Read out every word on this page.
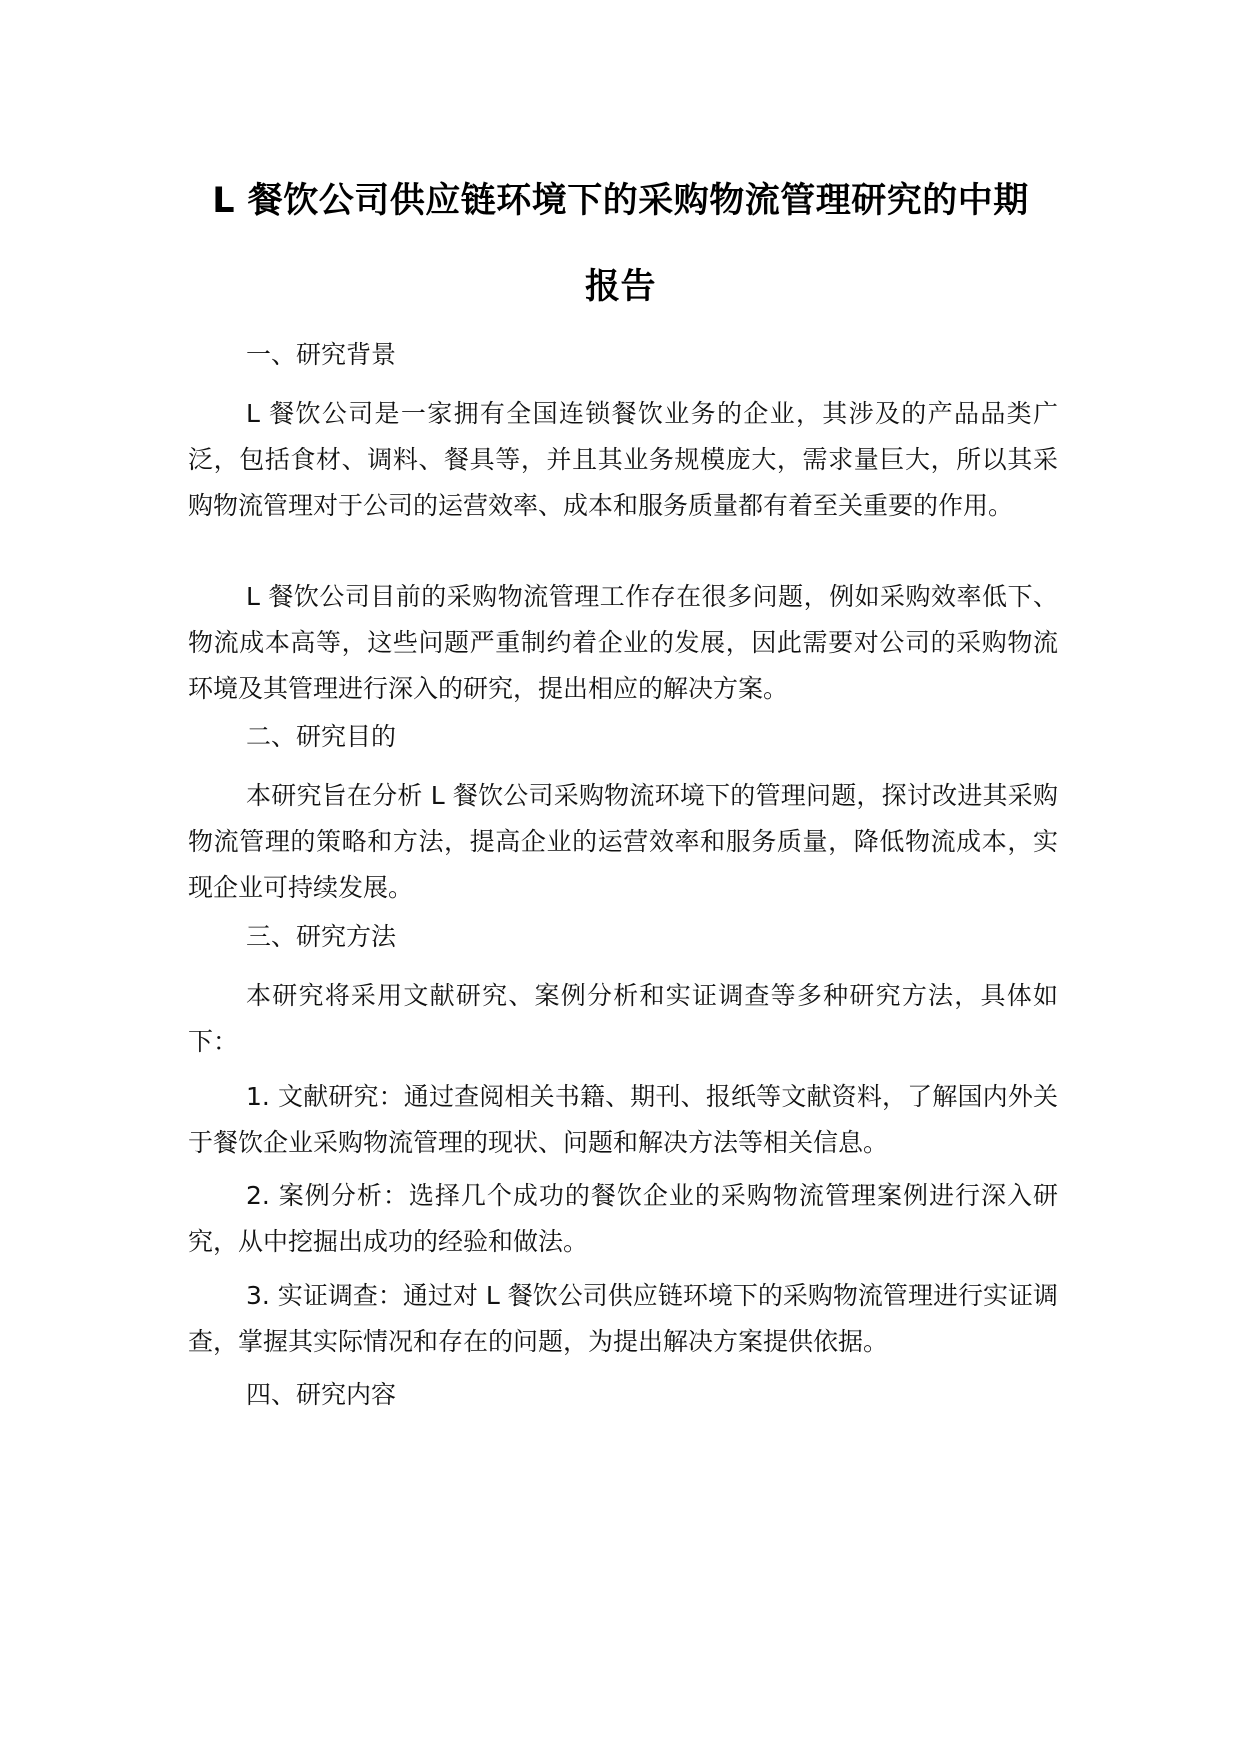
L 餐饮公司供应链环境下的采购物流管理研究的中期
报告
一、研究背景

L 餐饮公司是一家拥有全国连锁餐饮业务的企业，其涉及的产品品类广泛，包括食材、调料、餐具等，并且其业务规模庞大，需求量巨大，所以其采购物流管理对于公司的运营效率、成本和服务质量都有着至关重要的作用。

L 餐饮公司目前的采购物流管理工作存在很多问题，例如采购效率低下、物流成本高等，这些问题严重制约着企业的发展，因此需要对公司的采购物流环境及其管理进行深入的研究，提出相应的解决方案。

二、研究目的

本研究旨在分析 L 餐饮公司采购物流环境下的管理问题，探讨改进其采购物流管理的策略和方法，提高企业的运营效率和服务质量，降低物流成本，实现企业可持续发展。

三、研究方法

本研究将采用文献研究、案例分析和实证调查等多种研究方法，具体如下：

1. 文献研究：通过查阅相关书籍、期刊、报纸等文献资料，了解国内外关于餐饮企业采购物流管理的现状、问题和解决方法等相关信息。

2. 案例分析：选择几个成功的餐饮企业的采购物流管理案例进行深入研究，从中挖掘出成功的经验和做法。

3. 实证调查：通过对 L 餐饮公司供应链环境下的采购物流管理进行实证调查，掌握其实际情况和存在的问题，为提出解决方案提供依据。

四、研究内容
